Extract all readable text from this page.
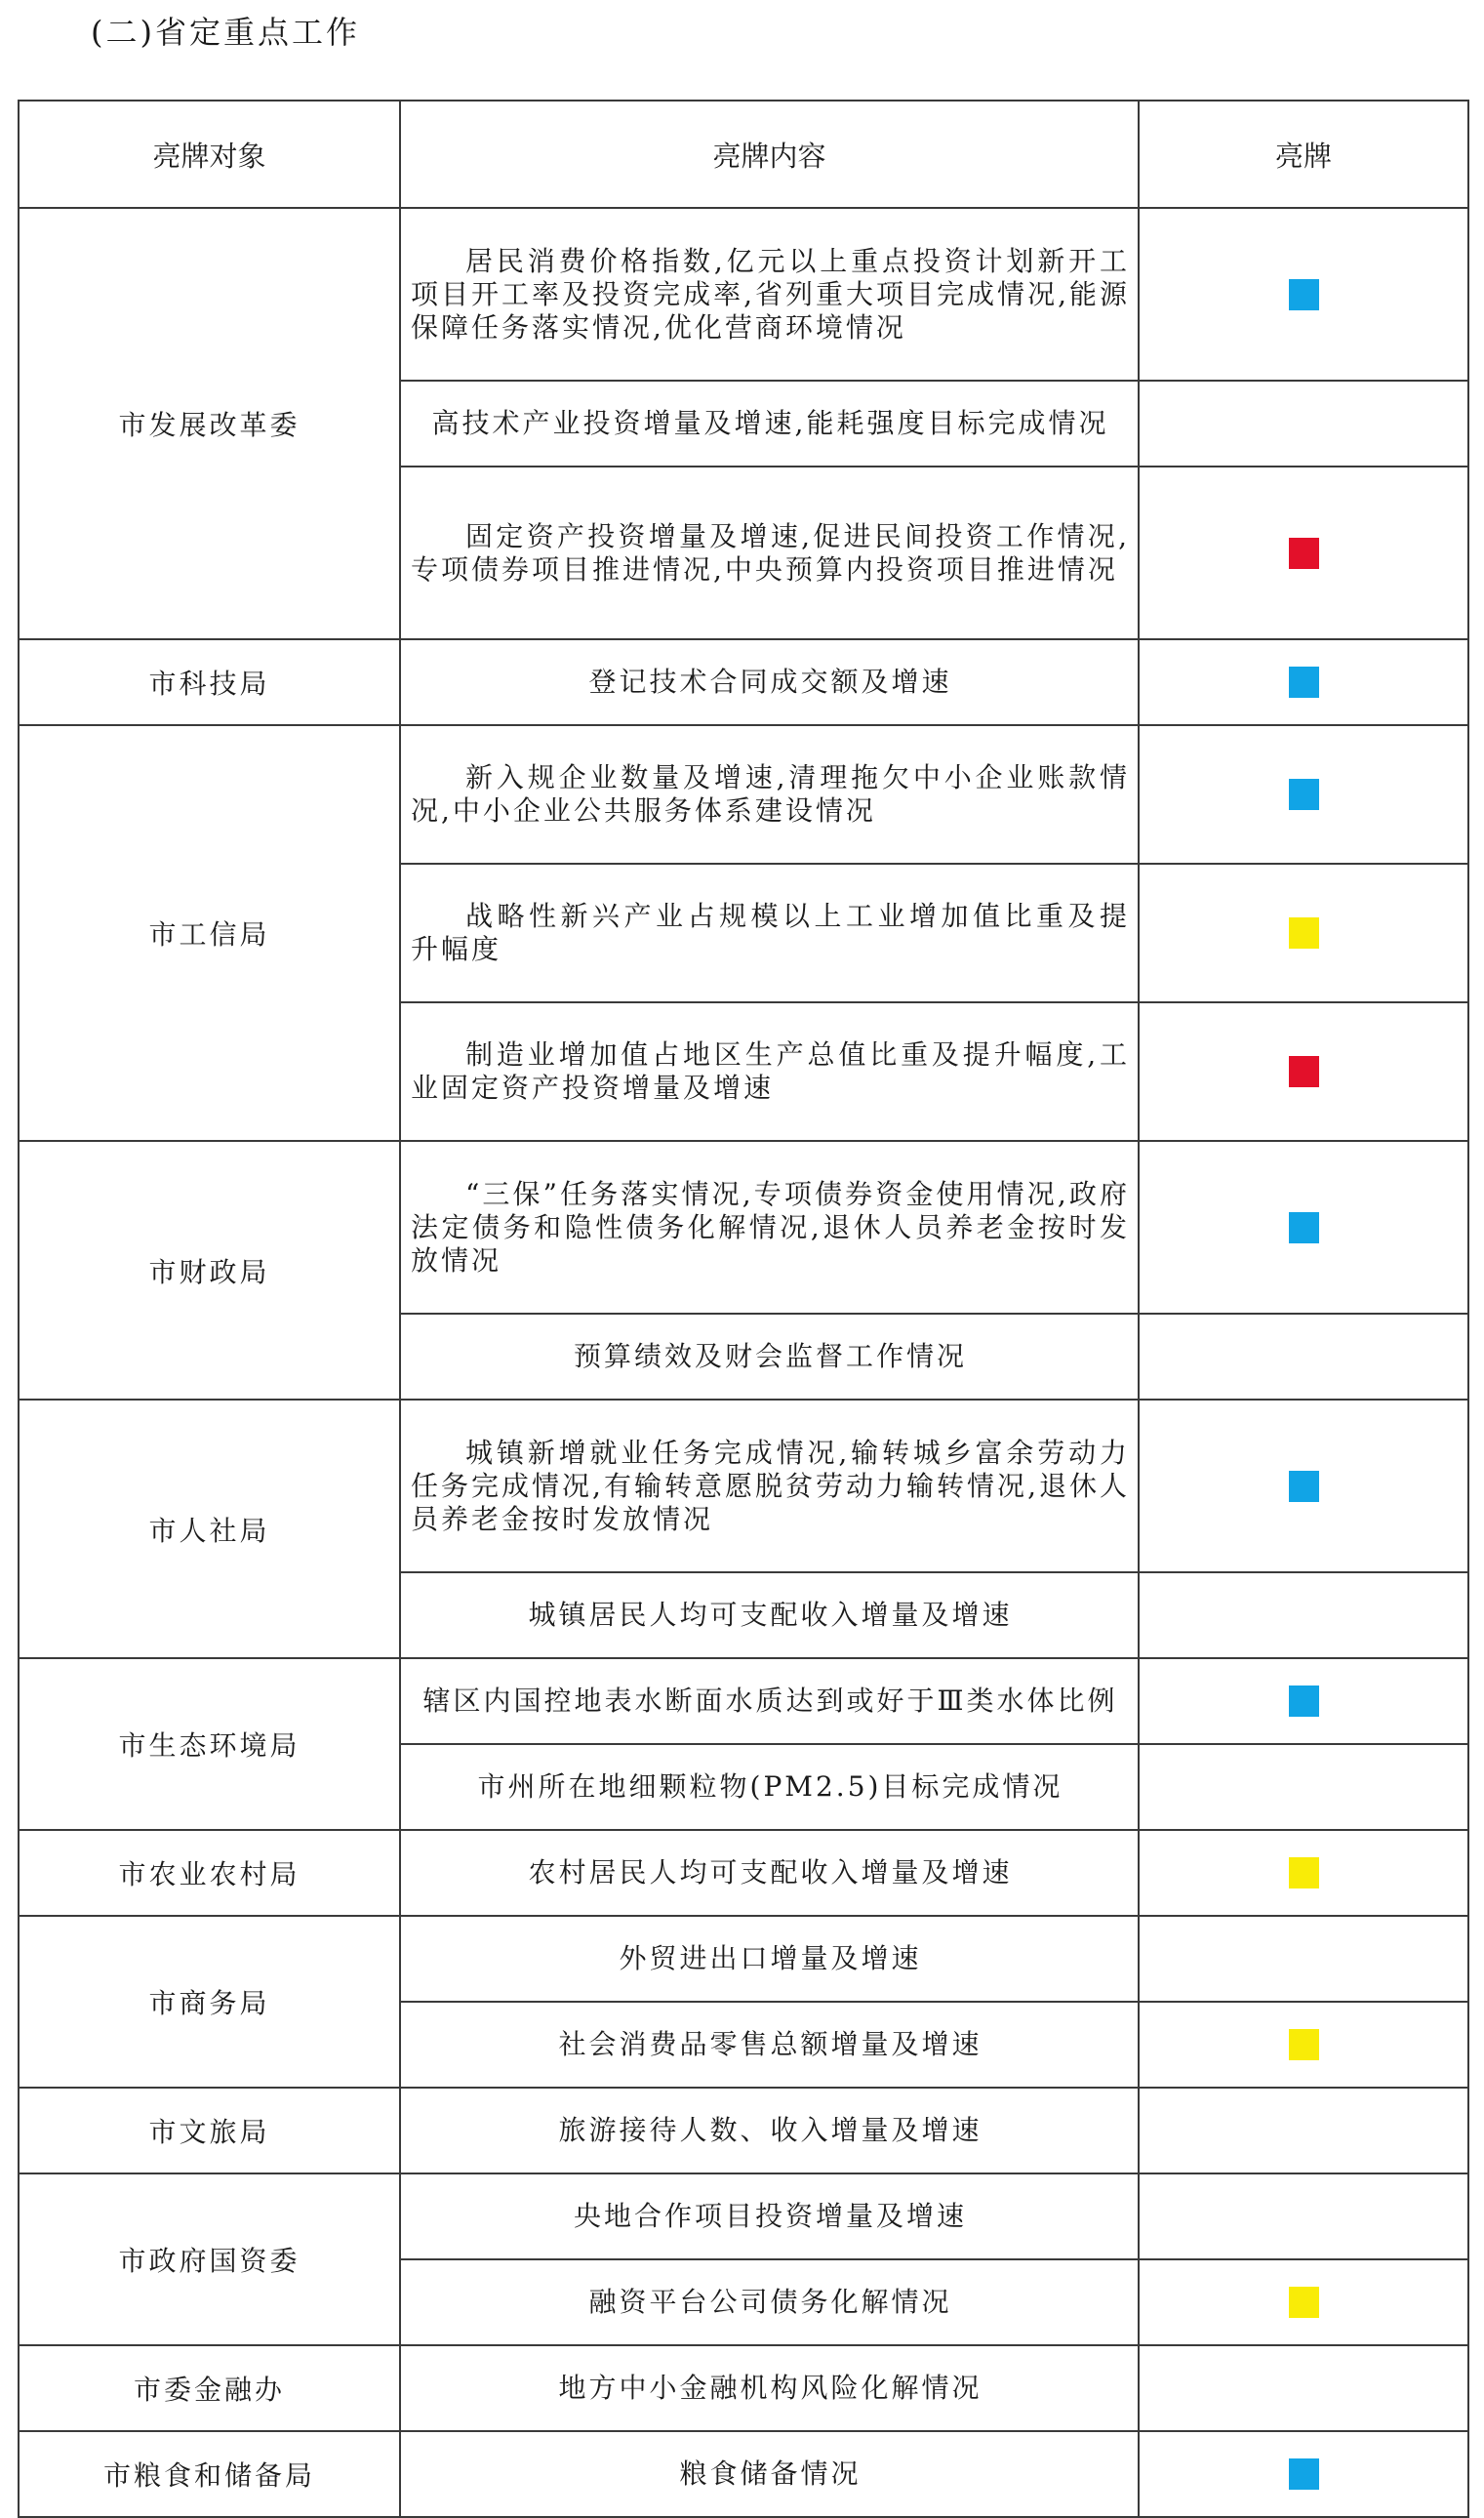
(二)省定重点工作
亮牌对象	亮牌内容	亮牌
市发展改革委	居民消费价格指数,亿元以上重点投资计划新开工项目开工率及投资完成率,省列重大项目完成情况,能源保障任务落实情况,优化营商环境情况	
	高技术产业投资增量及增速,能耗强度目标完成情况	
	固定资产投资增量及增速,促进民间投资工作情况,专项债券项目推进情况,中央预算内投资项目推进情况	
市科技局	登记技术合同成交额及增速	
市工信局	新入规企业数量及增速,清理拖欠中小企业账款情况,中小企业公共服务体系建设情况	
	战略性新兴产业占规模以上工业增加值比重及提升幅度	
	制造业增加值占地区生产总值比重及提升幅度,工业固定资产投资增量及增速	
市财政局	“三保”任务落实情况,专项债券资金使用情况,政府法定债务和隐性债务化解情况,退休人员养老金按时发放情况	
	预算绩效及财会监督工作情况	
市人社局	城镇新增就业任务完成情况,输转城乡富余劳动力任务完成情况,有输转意愿脱贫劳动力输转情况,退休人员养老金按时发放情况	
	城镇居民人均可支配收入增量及增速	
市生态环境局	辖区内国控地表水断面水质达到或好于Ⅲ类水体比例	
	市州所在地细颗粒物(PM2.5)目标完成情况	
市农业农村局	农村居民人均可支配收入增量及增速	
市商务局	外贸进出口增量及增速	
	社会消费品零售总额增量及增速	
市文旅局	旅游接待人数、收入增量及增速	
市政府国资委	央地合作项目投资增量及增速	
	融资平台公司债务化解情况	
市委金融办	地方中小金融机构风险化解情况	
市粮食和储备局	粮食储备情况	
